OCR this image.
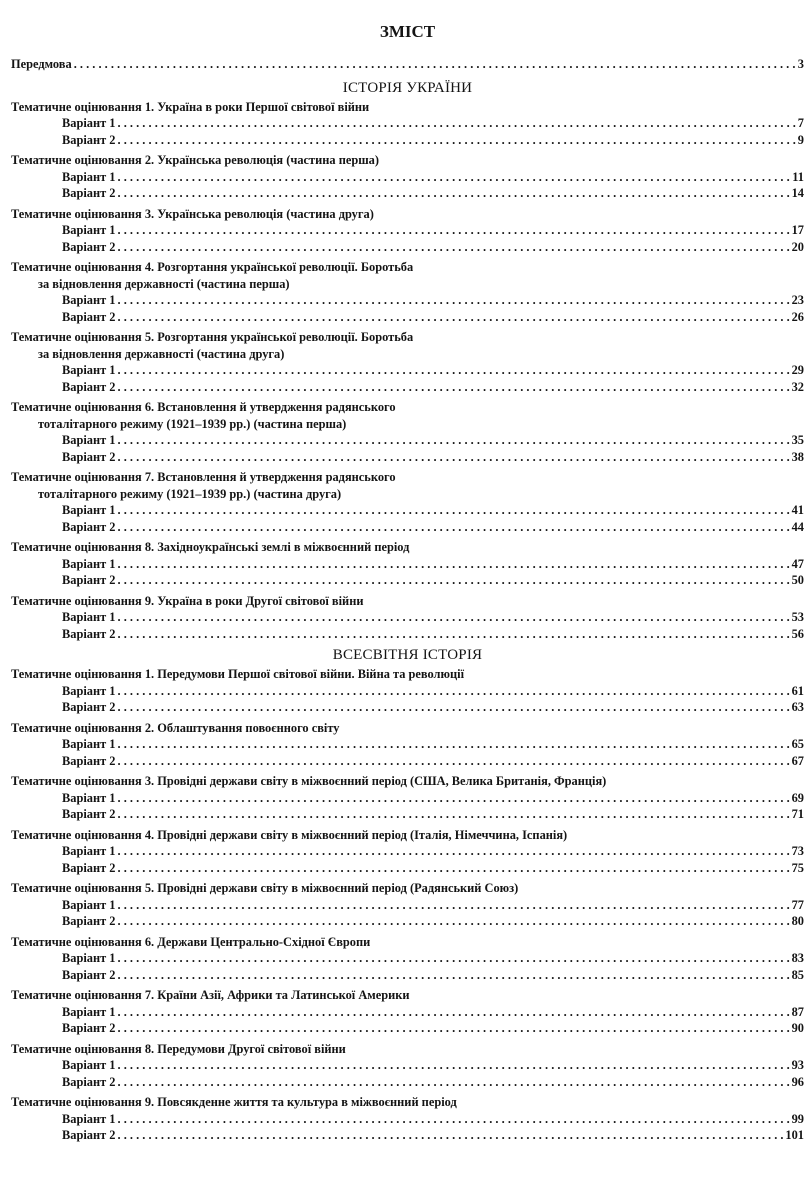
ЗМІСТ
Передмова . . .	3
ІСТОРІЯ УКРАЇНИ
Тематичне оцінювання 1. Україна в роки Першої світової війни
Варіант 1 . . .	7
Варіант 2 . . .	9
Тематичне оцінювання 2. Українська революція (частина перша)
Варіант 1 . . .	11
Варіант 2 . . .	14
Тематичне оцінювання 3. Українська революція (частина друга)
Варіант 1 . . .	17
Варіант 2 . . .	20
Тематичне оцінювання 4. Розгортання української революції. Боротьба
за відновлення державності (частина перша)
Варіант 1 . . .	23
Варіант 2 . . .	26
Тематичне оцінювання 5. Розгортання української революції. Боротьба
за відновлення державності (частина друга)
Варіант 1 . . .	29
Варіант 2 . . .	32
Тематичне оцінювання 6. Встановлення й утвердження радянського
тоталітарного режиму (1921–1939 рр.) (частина перша)
Варіант 1 . . .	35
Варіант 2 . . .	38
Тематичне оцінювання 7. Встановлення й утвердження радянського
тоталітарного режиму (1921–1939 рр.) (частина друга)
Варіант 1 . . .	41
Варіант 2 . . .	44
Тематичне оцінювання 8. Західноукраїнські землі в міжвоєнний період
Варіант 1 . . .	47
Варіант 2 . . .	50
Тематичне оцінювання 9. Україна в роки Другої світової війни
Варіант 1 . . .	53
Варіант 2 . . .	56
ВСЕСВІТНЯ ІСТОРІЯ
Тематичне оцінювання 1. Передумови Першої світової війни. Війна та революції
Варіант 1 . . .	61
Варіант 2 . . .	63
Тематичне оцінювання 2. Облаштування повоєнного світу
Варіант 1 . . .	65
Варіант 2 . . .	67
Тематичне оцінювання 3. Провідні держави світу в міжвоєнний період (США, Велика Британія, Франція)
Варіант 1 . . .	69
Варіант 2 . . .	71
Тематичне оцінювання 4. Провідні держави світу в міжвоєнний період (Італія, Німеччина, Іспанія)
Варіант 1 . . .	73
Варіант 2 . . .	75
Тематичне оцінювання 5. Провідні держави світу в міжвоєнний період (Радянський Союз)
Варіант 1 . . .	77
Варіант 2 . . .	80
Тематичне оцінювання 6. Держави Центрально-Східної Європи
Варіант 1 . . .	83
Варіант 2 . . .	85
Тематичне оцінювання 7. Країни Азії, Африки та Латинської Америки
Варіант 1 . . .	87
Варіант 2 . . .	90
Тематичне оцінювання 8. Передумови Другої світової війни
Варіант 1 . . .	93
Варіант 2 . . .	96
Тематичне оцінювання 9. Повсякденне життя та культура в міжвоєнний період
Варіант 1 . . .	99
Варіант 2 . . .	101
